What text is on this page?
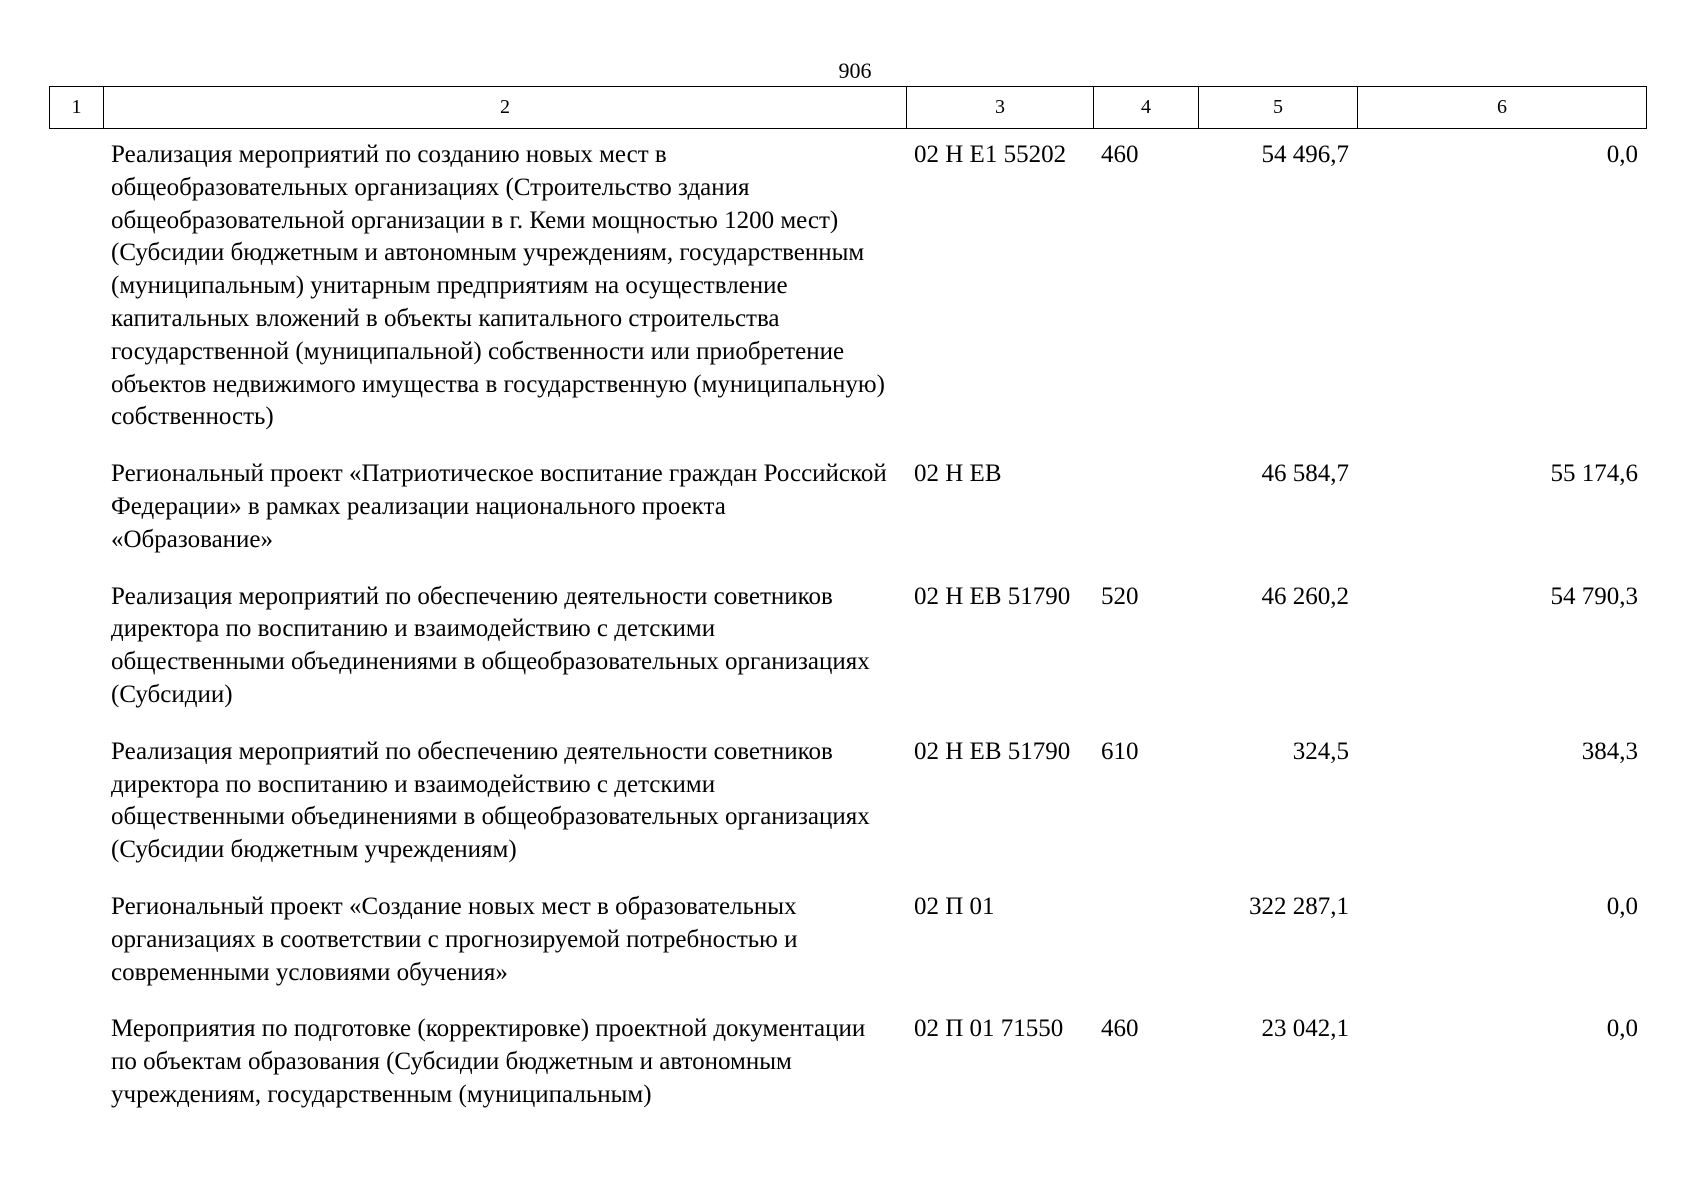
906
1	2	3	4	5	6
	Реализация мероприятий по созданию новых мест в общеобразовательных организациях (Строительство здания общеобразовательной организации в г. Кеми мощностью 1200 мест) (Субсидии бюджетным и автономным учреждениям, государственным (муниципальным) унитарным предприятиям на осуществление капитальных вложений в объекты капитального строительства государственной (муниципальной) собственности или приобретение объектов недвижимого имущества в государственную (муниципальную) собственность)	02 Н Е1 55202	460	54 496,7	0,0
	Региональный проект «Патриотическое воспитание граждан Российской Федерации» в рамках реализации национального проекта «Образование»	02 Н ЕВ		46 584,7	55 174,6
	Реализация мероприятий по обеспечению деятельности советников директора по воспитанию и взаимодействию с детскими общественными объединениями в общеобразовательных организациях (Субсидии)	02 Н ЕВ 51790	520	46 260,2	54 790,3
	Реализация мероприятий по обеспечению деятельности советников директора по воспитанию и взаимодействию с детскими общественными объединениями в общеобразовательных организациях (Субсидии бюджетным учреждениям)	02 Н ЕВ 51790	610	324,5	384,3
	Региональный проект «Создание новых мест в образовательных организациях в соответствии с прогнозируемой потребностью и современными условиями обучения»	02 П 01		322 287,1	0,0
	Мероприятия по подготовке (корректировке) проектной документации по объектам образования (Субсидии бюджетным и автономным учреждениям, государственным (муниципальным)	02 П 01 71550	460	23 042,1	0,0
